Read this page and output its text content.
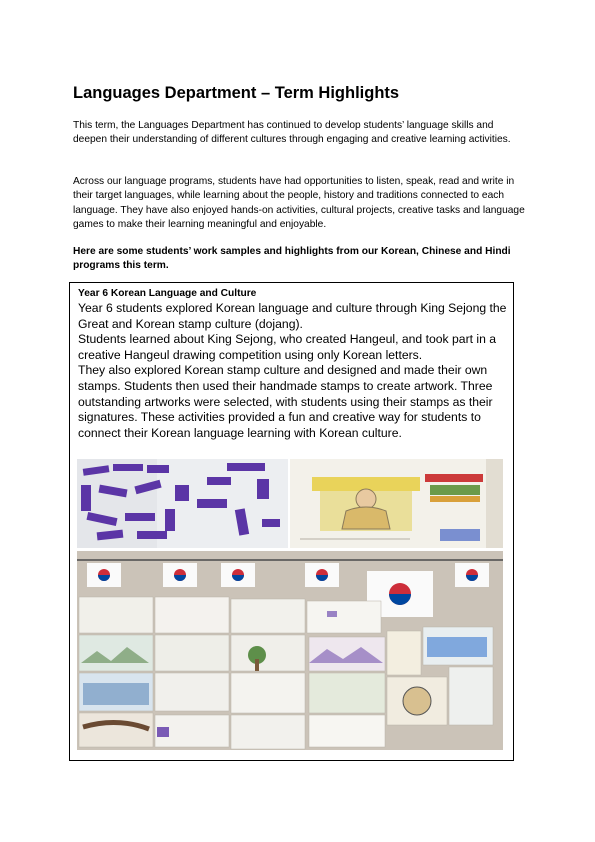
Languages Department – Term Highlights

This term, the Languages Department has continued to develop students’ language skills and deepen their understanding of different cultures through engaging and creative learning activities.

Across our language programs, students have had opportunities to listen, speak, read and write in their target languages, while learning about the people, history and traditions connected to each language. They have also enjoyed hands-on activities, cultural projects, creative tasks and language games to make their learning meaningful and enjoyable.

Here are some students’ work samples and highlights from our Korean, Chinese and Hindi programs this term.

Year 6 Korean Language and Culture

Year 6 students explored Korean language and culture through King Sejong the Great and Korean stamp culture (dojang).

Students learned about King Sejong, who created Hangeul, and took part in a creative Hangeul drawing competition using only Korean letters.

They also explored Korean stamp culture and designed and made their own stamps. Students then used their handmade stamps to create artwork. Three outstanding artworks were selected, with students using their stamps as their signatures. These activities provided a fun and creative way for students to connect their Korean language learning with Korean culture.
